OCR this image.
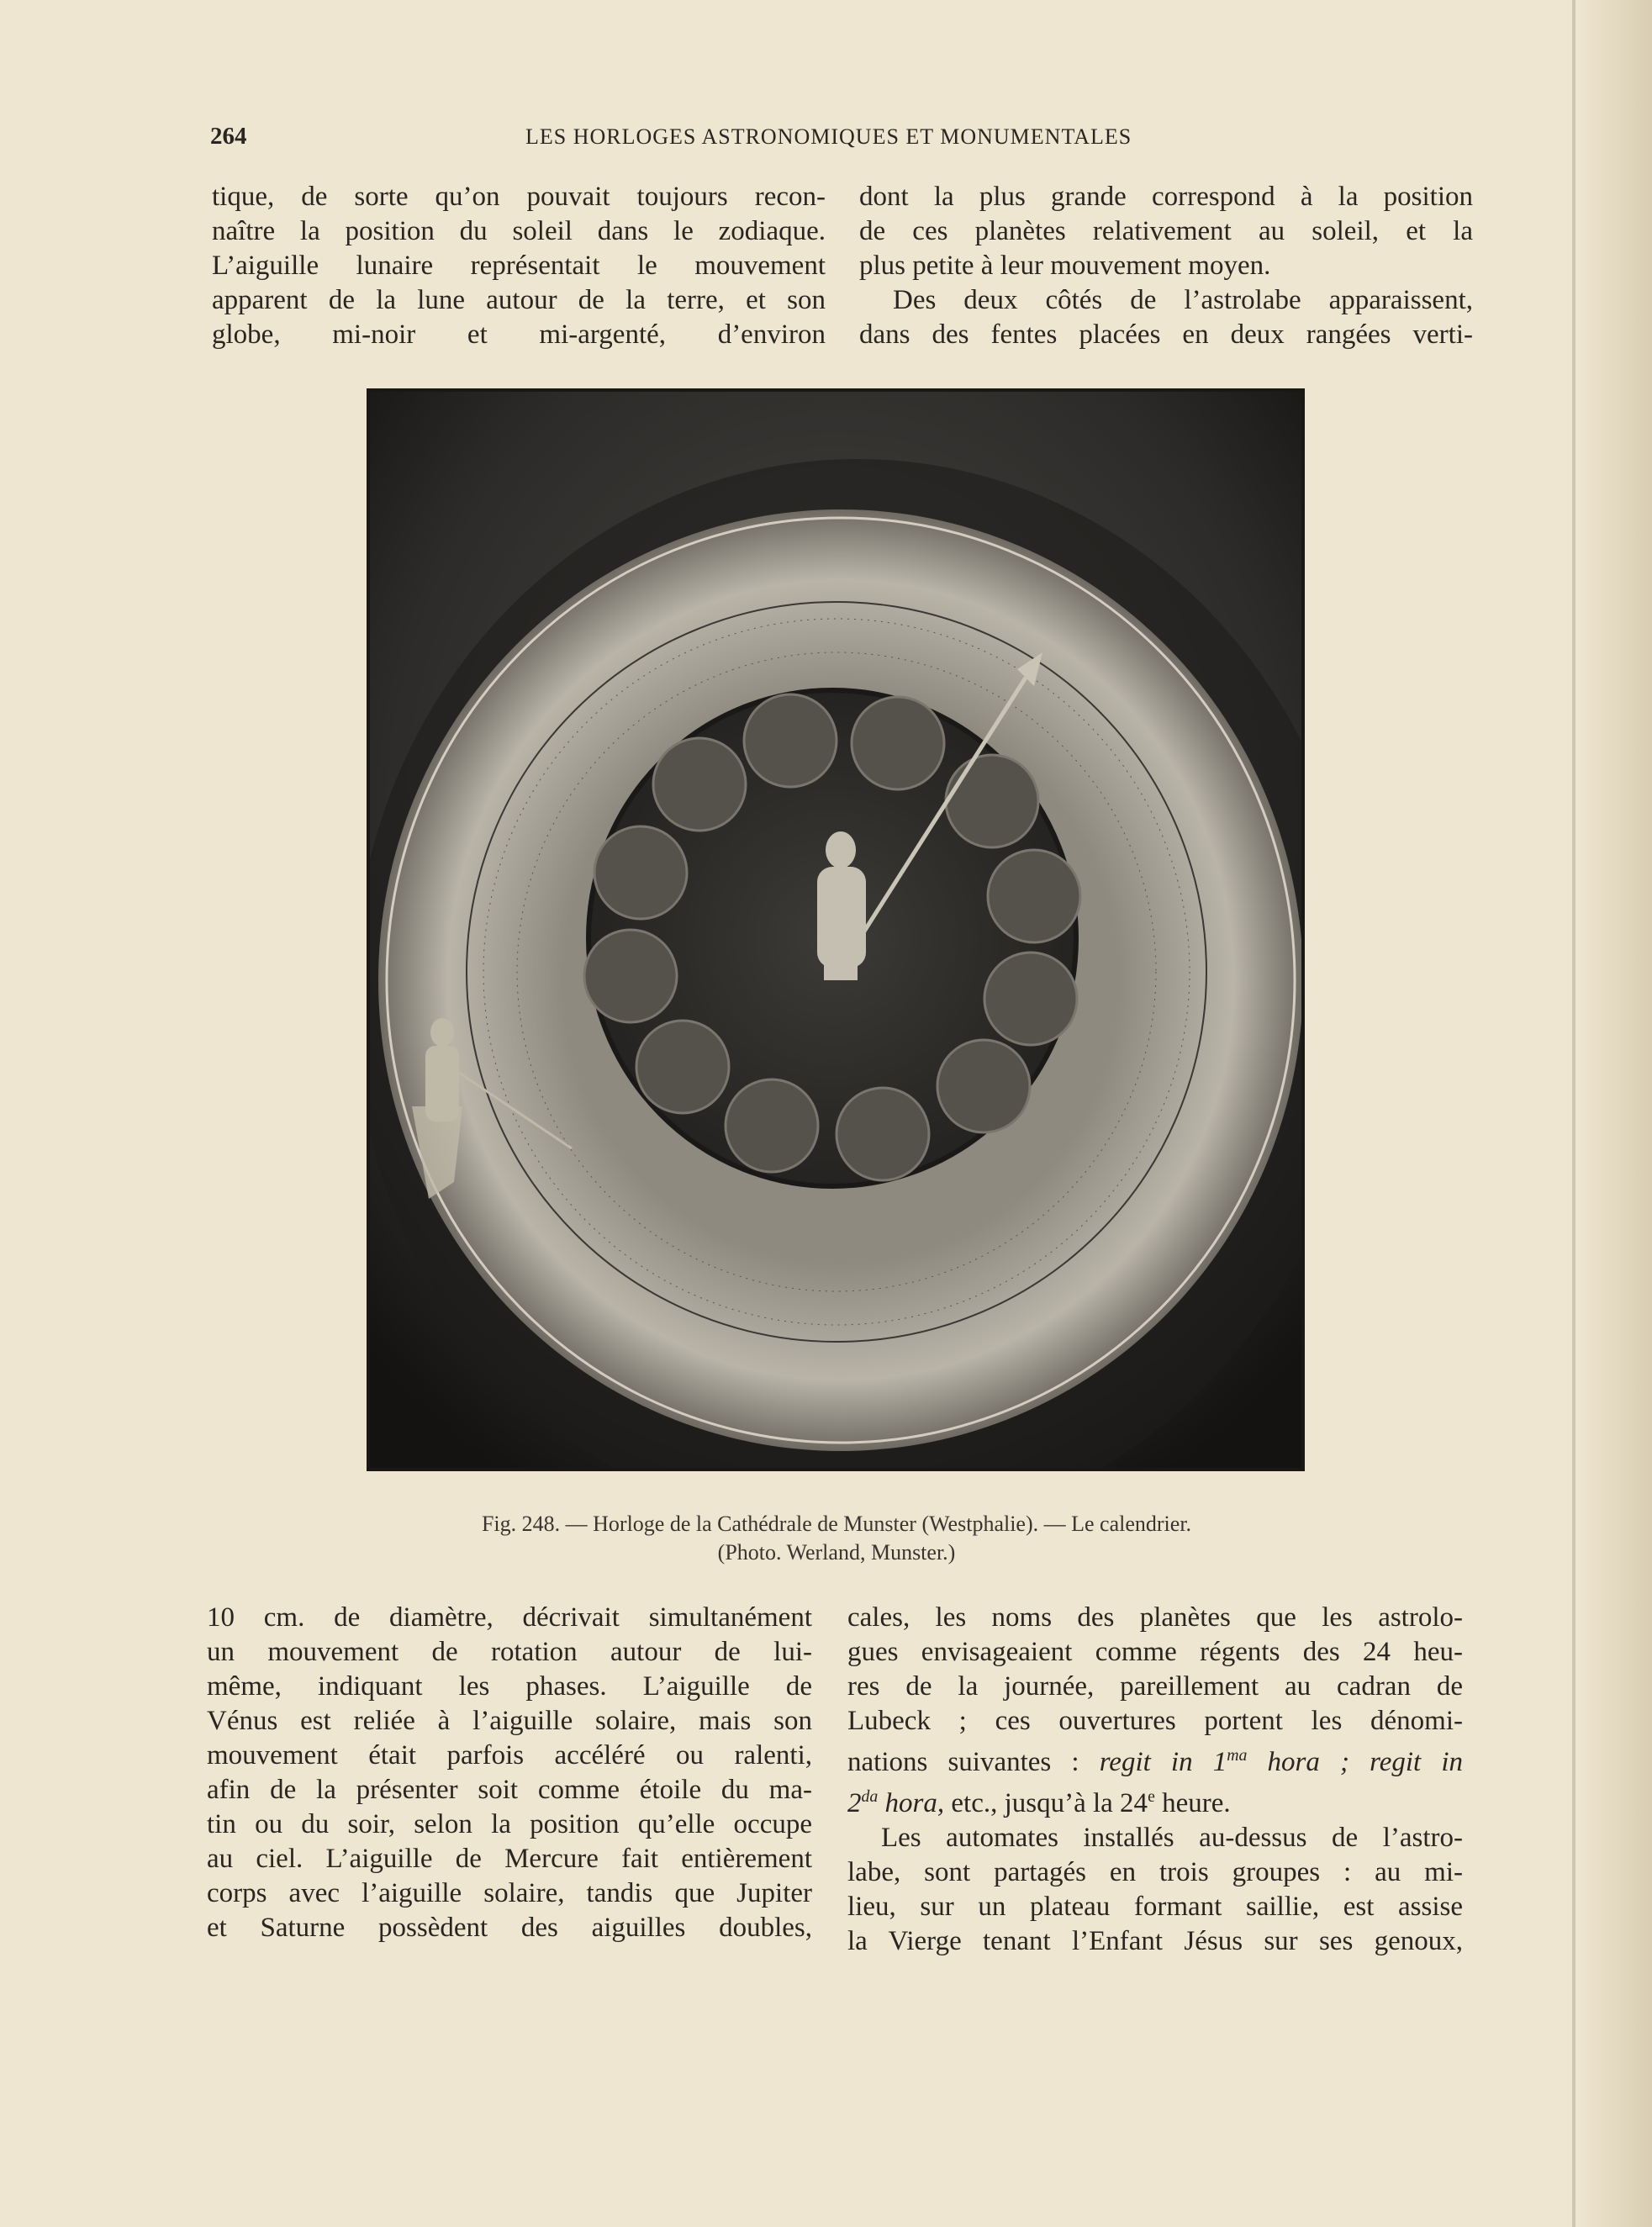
264	LES HORLOGES ASTRONOMIQUES ET MONUMENTALES
tique, de sorte qu’on pouvait toujours recon-
naître la position du soleil dans le zodiaque.
L’aiguille lunaire représentait le mouvement
apparent de la lune autour de la terre, et son
globe, mi-noir et mi-argenté, d’environ
dont la plus grande correspond à la position
de ces planètes relativement au soleil, et la
plus petite à leur mouvement moyen.
Des deux côtés de l’astrolabe apparaissent,
dans des fentes placées en deux rangées verti-
Fig. 248. — Horloge de la Cathédrale de Munster (Westphalie). — Le calendrier.
(Photo. Werland, Munster.)
10 cm. de diamètre, décrivait simultanément
un mouvement de rotation autour de lui-
même, indiquant les phases. L’aiguille de
Vénus est reliée à l’aiguille solaire, mais son
mouvement était parfois accéléré ou ralenti,
afin de la présenter soit comme étoile du ma-
tin ou du soir, selon la position qu’elle occupe
au ciel. L’aiguille de Mercure fait entièrement
corps avec l’aiguille solaire, tandis que Jupiter
et Saturne possèdent des aiguilles doubles,
cales, les noms des planètes que les astrolo-
gues envisageaient comme régents des 24 heu-
res de la journée, pareillement au cadran de
Lubeck ; ces ouvertures portent les dénomi-
nations suivantes : regit in $1^{ma}$ hora ; regit in
$2^{da}$ hora, etc., jusqu’à la 24e heure.
Les automates installés au-dessus de l’astro-
labe, sont partagés en trois groupes : au mi-
lieu, sur un plateau formant saillie, est assise
la Vierge tenant l’Enfant Jésus sur ses genoux,
